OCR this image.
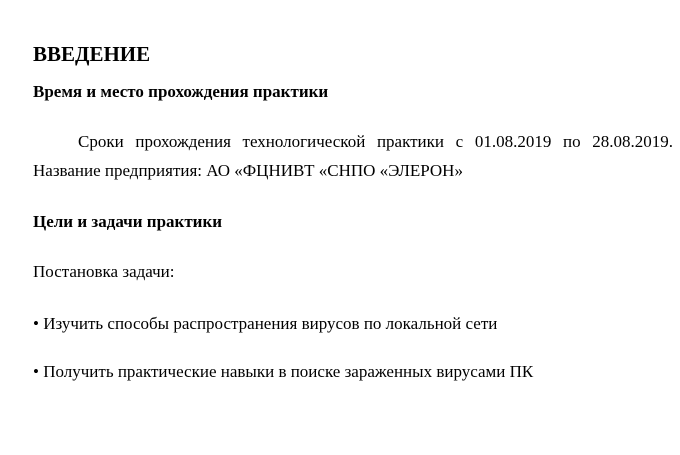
ВВЕДЕНИЕ
Время и место прохождения практики

Сроки прохождения технологической практики с 01.08.2019 по 28.08.2019.

Название предприятия: АО «ФЦНИВТ «СНПО «ЭЛЕРОН»

Цели и задачи практики

Постановка задачи:

• Изучить способы распространения вирусов по локальной сети

• Получить практические навыки в поиске зараженных вирусами ПК
